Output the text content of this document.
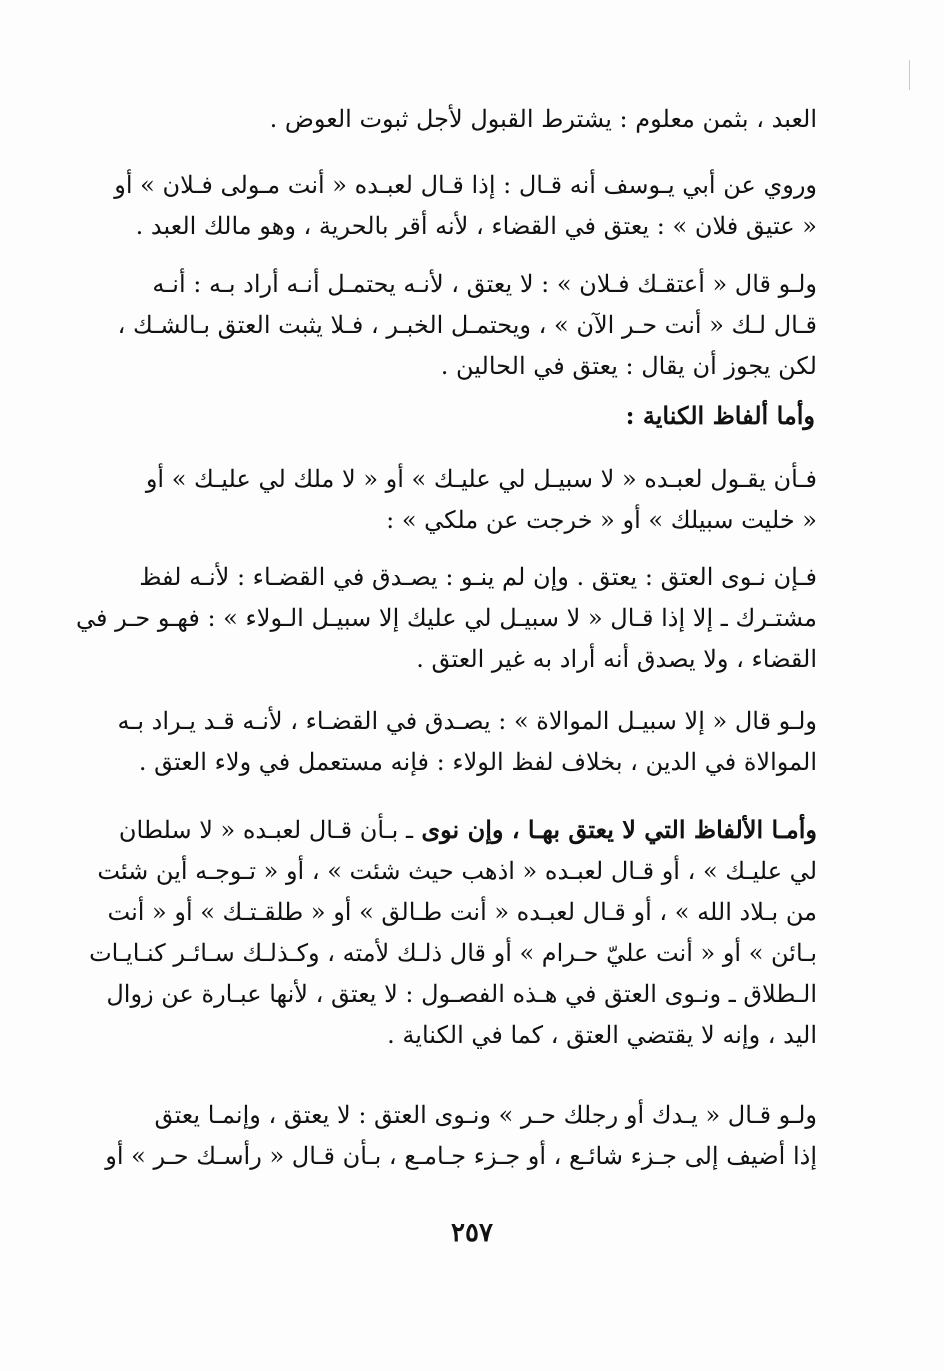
العبد ، بثمن معلوم : يشترط القبول لأجل ثبوت العوض .
وروي عن أبي يـوسف أنه قـال : إذا قـال لعبـده « أنت مـولى فـلان » أو
« عتيق فلان » : يعتق في القضاء ، لأنه أقر بالحرية ، وهو مالك العبد .
ولـو قال « أعتقـك فـلان » : لا يعتق ، لأنـه يحتمـل أنـه أراد بـه : أنـه
قـال لـك « أنت حـر الآن » ، ويحتمـل الخبـر ، فـلا يثبت العتق بـالشـك ،
لكن يجوز أن يقال : يعتق في الحالين .
وأما ألفاظ الكناية :
فـأن يقـول لعبـده « لا سبيـل لي عليـك » أو « لا ملك لي عليـك » أو
« خليت سبيلك » أو « خرجت عن ملكي » :
فـإن نـوى العتق : يعتق . وإن لم ينـو : يصـدق في القضـاء : لأنـه لفظ
مشتـرك ـ إلا إذا قـال « لا سبيـل لي عليك إلا سبيـل الـولاء » : فهـو حـر في
القضاء ، ولا يصدق أنه أراد به غير العتق .
ولـو قال « إلا سبيـل الموالاة » : يصـدق في القضـاء ، لأنـه قـد يـراد بـه
الموالاة في الدين ، بخلاف لفظ الولاء : فإنه مستعمل في ولاء العتق .
وأمـا الألفاظ التي لا يعتق بهـا ، وإن نوى ـ بـأن قـال لعبـده « لا سلطان
لي عليـك » ، أو قـال لعبـده « اذهب حيث شئت » ، أو « تـوجـه أين شئت
من بـلاد الله » ، أو قـال لعبـده « أنت طـالق » أو « طلقـتـك » أو « أنت
بـائن » أو « أنت عليّ حـرام » أو قال ذلـك لأمته ، وكـذلـك سـائـر كنـايـات
الـطلاق ـ ونـوى العتق في هـذه الفصـول : لا يعتق ، لأنها عبـارة عن زوال
اليد ، وإنه لا يقتضي العتق ، كما في الكناية .
ولـو قـال « يـدك أو رجلك حـر » ونـوى العتق : لا يعتق ، وإنمـا يعتق
إذا أضيف إلى جـزء شائـع ، أو جـزء جـامـع ، بـأن قـال « رأسـك حـر » أو
٢٥٧
